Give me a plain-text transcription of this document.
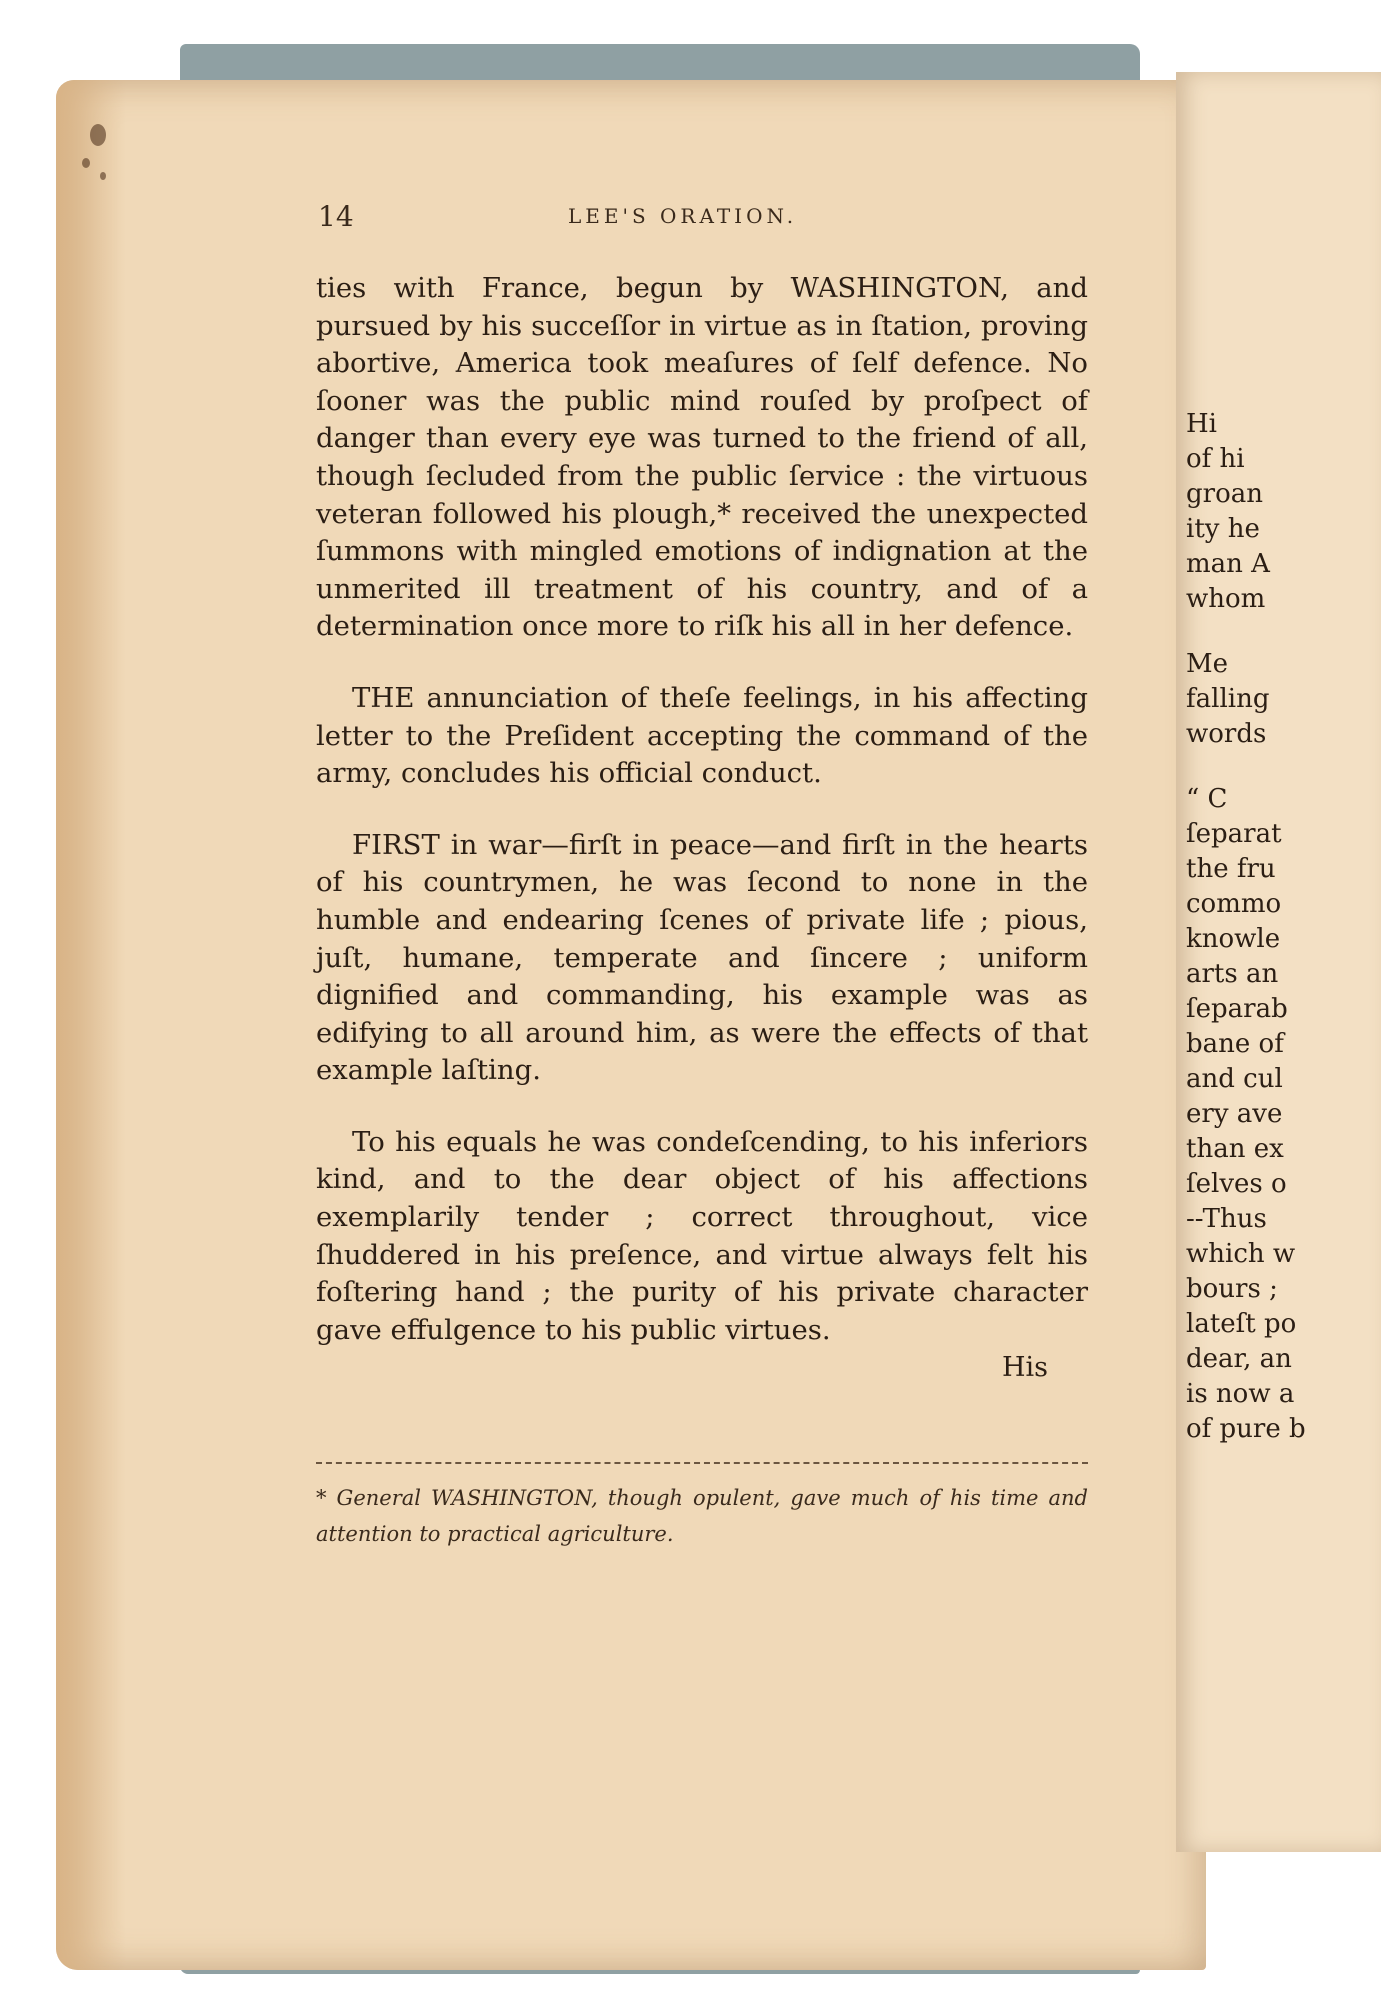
Hi
of hi
groan
ity he
man A
whom
Me
falling
words
“ C
ſeparat
the fru
commo
knowle
arts an
ſeparab
bane of
and cul
ery ave
than ex
ſelves o
--Thus
which w
bours ;
lateſt po
dear, an
is now a
of pure b
14	LEE'S ORATION.

ties with France, begun by WASHINGTON, and pursued by his succeſſor in virtue as in ſtation, proving abortive, America took meaſures of ſelf defence. No ſooner was the public mind rouſed by proſpect of danger than every eye was turned to the friend of all, though ſecluded from the public ſervice : the virtuous veteran followed his plough,* received the unexpected ſummons with mingled emotions of indignation at the unmerited ill treatment of his country, and of a determination once more to riſk his all in her defence.

THE annunciation of theſe feelings, in his affecting letter to the Preſident accepting the command of the army, concludes his official conduct.

FIRST in war—firſt in peace—and firſt in the hearts of his countrymen, he was ſecond to none in the humble and endearing ſcenes of private life ; pious, juſt, humane, temperate and ſincere ; uniform dignified and commanding, his example was as edifying to all around him, as were the effects of that example laſting.

To his equals he was condeſcending, to his inferiors kind, and to the dear object of his affections exemplarily tender ; correct throughout, vice ſhuddered in his preſence, and virtue always felt his foſtering hand ; the purity of his private character gave effulgence to his public virtues.

His
* General WASHINGTON, though opulent, gave much of his time and attention to practical agriculture.
